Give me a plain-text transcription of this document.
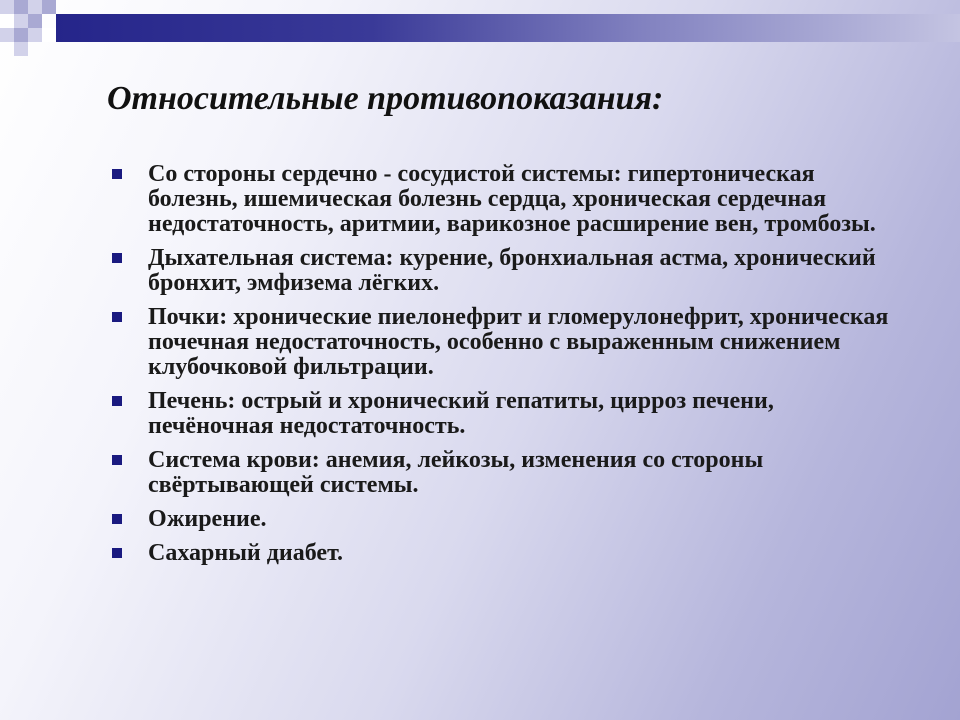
Относительные противопоказания:
Со стороны сердечно - сосудистой системы: гипертоническая болезнь, ишемическая болезнь сердца, хроническая сердечная недостаточность, аритмии, варикозное расширение вен, тромбозы.
Дыхательная система: курение, бронхиальная астма, хронический бронхит, эмфизема лёгких.
Почки: хронические пиелонефрит и гломерулонефрит, хроническая почечная недостаточность, особенно с выраженным снижением клубочковой фильтрации.
Печень: острый и хронический гепатиты, цирроз печени, печёночная недостаточность.
Система крови: анемия, лейкозы, изменения со стороны свёртывающей системы.
Ожирение.
Сахарный диабет.
